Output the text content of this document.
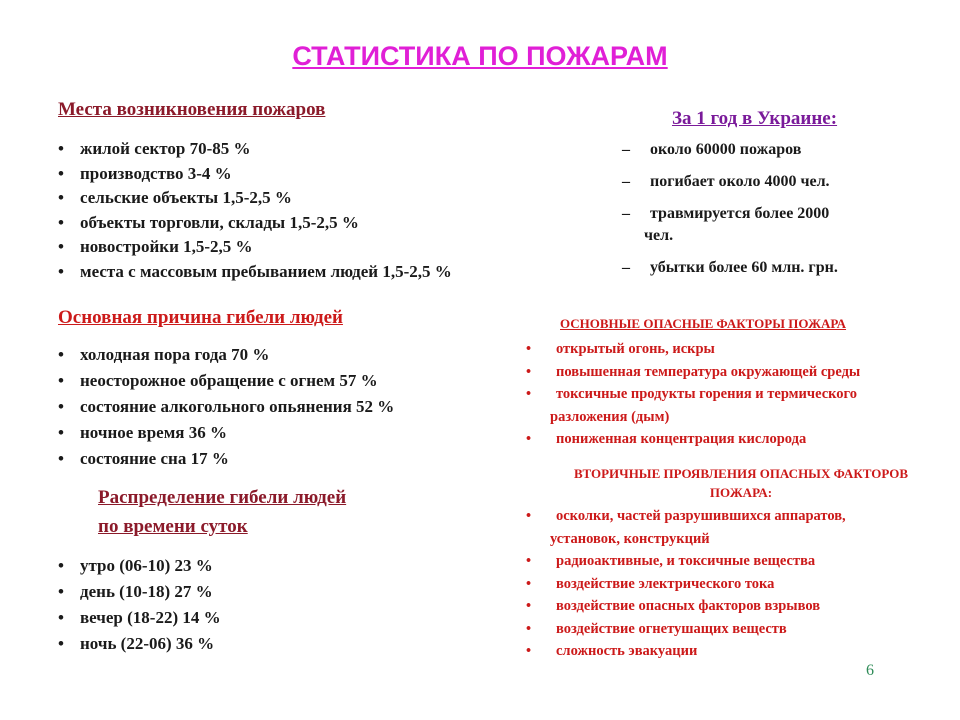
СТАТИСТИКА ПО ПОЖАРАМ
Места возникновения пожаров
• жилой сектор 70-85 %
• производство 3-4 %
• сельские объекты 1,5-2,5 %
• объекты торговли, склады 1,5-2,5 %
• новостройки 1,5-2,5 %
• места с массовым пребыванием людей 1,5-2,5 %
Основная причина гибели людей
• холодная пора года 70 %
• неосторожное обращение с огнем 57 %
• состояние алкогольного опьянения 52 %
• ночное время 36 %
• состояние сна 17 %
Распределение гибели людей
по времени суток
• утро (06-10) 23 %
• день (10-18) 27 %
• вечер (18-22) 14 %
• ночь (22-06) 36 %
За 1 год в Украине:
– около 60000 пожаров
– погибает около 4000 чел.
– травмируется более 2000
чел.
– убытки более 60 млн. грн.
ОСНОВНЫЕ ОПАСНЫЕ ФАКТОРЫ ПОЖАРА
• открытый огонь, искры
• повышенная температура окружающей среды
• токсичные продукты горения и термического
разложения (дым)
• пониженная концентрация кислорода
ВТОРИЧНЫЕ ПРОЯВЛЕНИЯ ОПАСНЫХ ФАКТОРОВ
ПОЖАРА:
• осколки, частей разрушившихся аппаратов,
установок, конструкций
• радиоактивные, и токсичные вещества
• воздействие электрического тока
• воздействие опасных факторов взрывов
• воздействие огнетушащих веществ
• сложность эвакуации
6
